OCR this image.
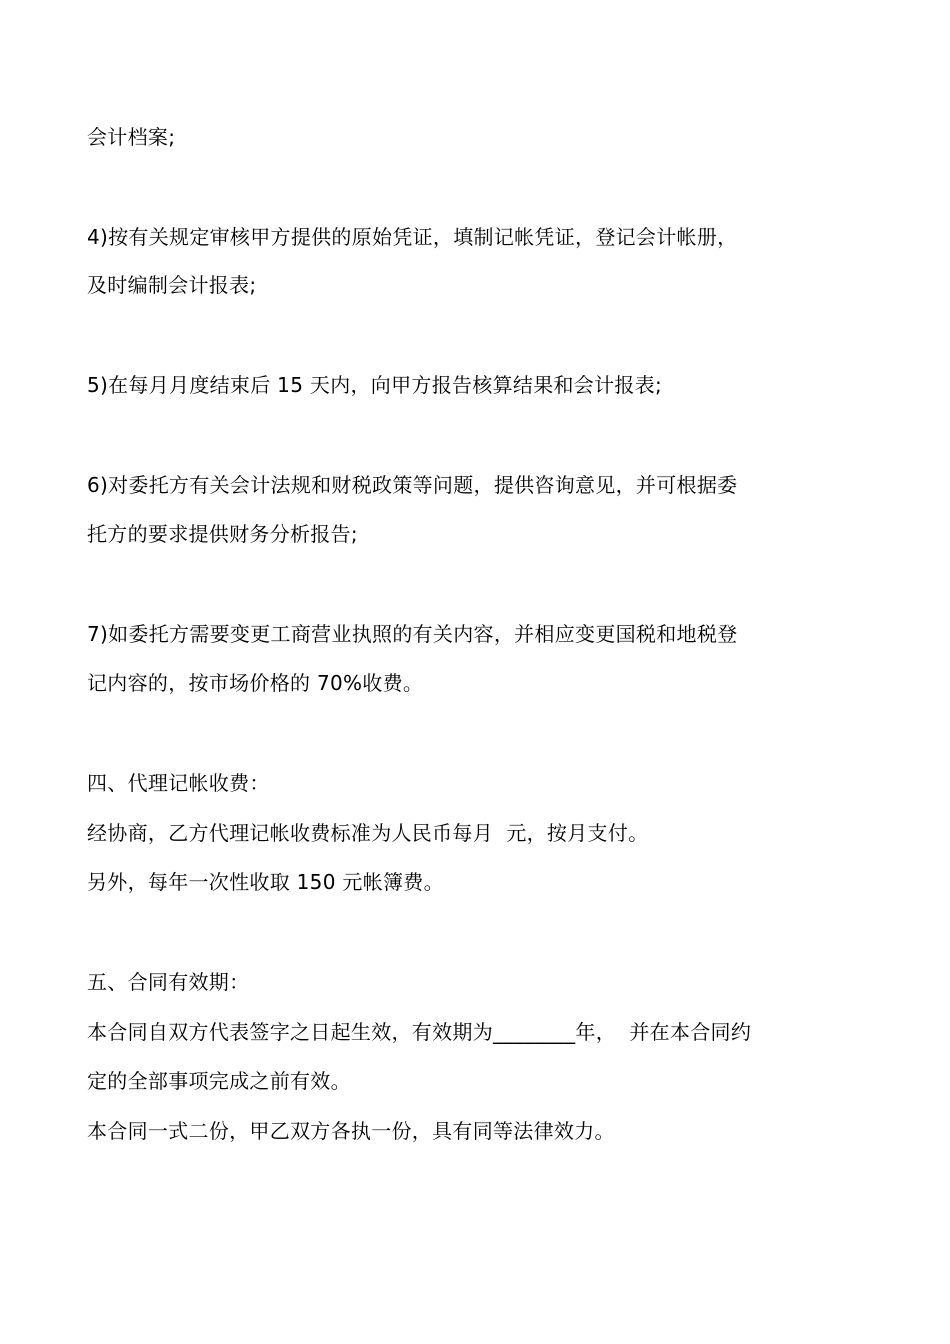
会计档案;
4)按有关规定审核甲方提供的原始凭证，填制记帐凭证，登记会计帐册，
及时编制会计报表;
5)在每月月度结束后 15 天内，向甲方报告核算结果和会计报表;
6)对委托方有关会计法规和财税政策等问题，提供咨询意见，并可根据委
托方的要求提供财务分析报告;
7)如委托方需要变更工商营业执照的有关内容，并相应变更国税和地税登
记内容的，按市场价格的 70%收费。
四、代理记帐收费：
经协商，乙方代理记帐收费标准为人民币每月  元，按月支付。
另外，每年一次性收取 150 元帐簿费。
五、合同有效期：
本合同自双方代表签字之日起生效，有效期为________年，  并在本合同约
定的全部事项完成之前有效。
本合同一式二份，甲乙双方各执一份，具有同等法律效力。
